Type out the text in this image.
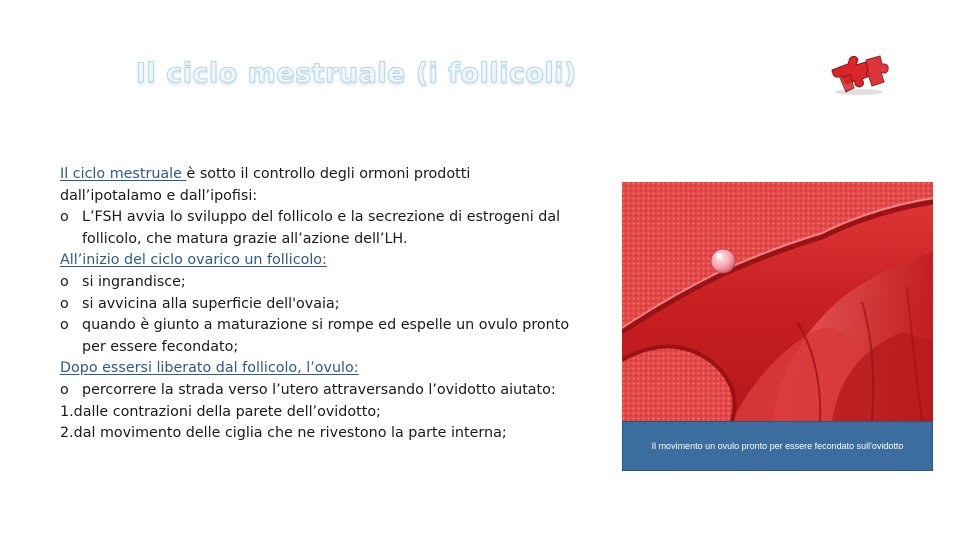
Il ciclo mestruale (i follicoli)
Il ciclo mestruale è sotto il controllo degli ormoni prodotti
dall’ipotalamo e dall’ipofisi:
o L’FSH avvia lo sviluppo del follicolo e la secrezione di estrogeni dal
follicolo, che matura grazie all’azione dell’LH.
All’inizio del ciclo ovarico un follicolo:
o si ingrandisce;
o si avvicina alla superficie dell'ovaia;
o quando è giunto a maturazione si rompe ed espelle un ovulo pronto
per essere fecondato;
Dopo essersi liberato dal follicolo, l’ovulo:
o percorrere la strada verso l’utero attraversando l’ovidotto aiutato:
1.dalle contrazioni della parete dell’ovidotto;
2.dal movimento delle ciglia che ne rivestono la parte interna;
Il movimento un ovulo pronto per essere fecondato sull'ovidotto
